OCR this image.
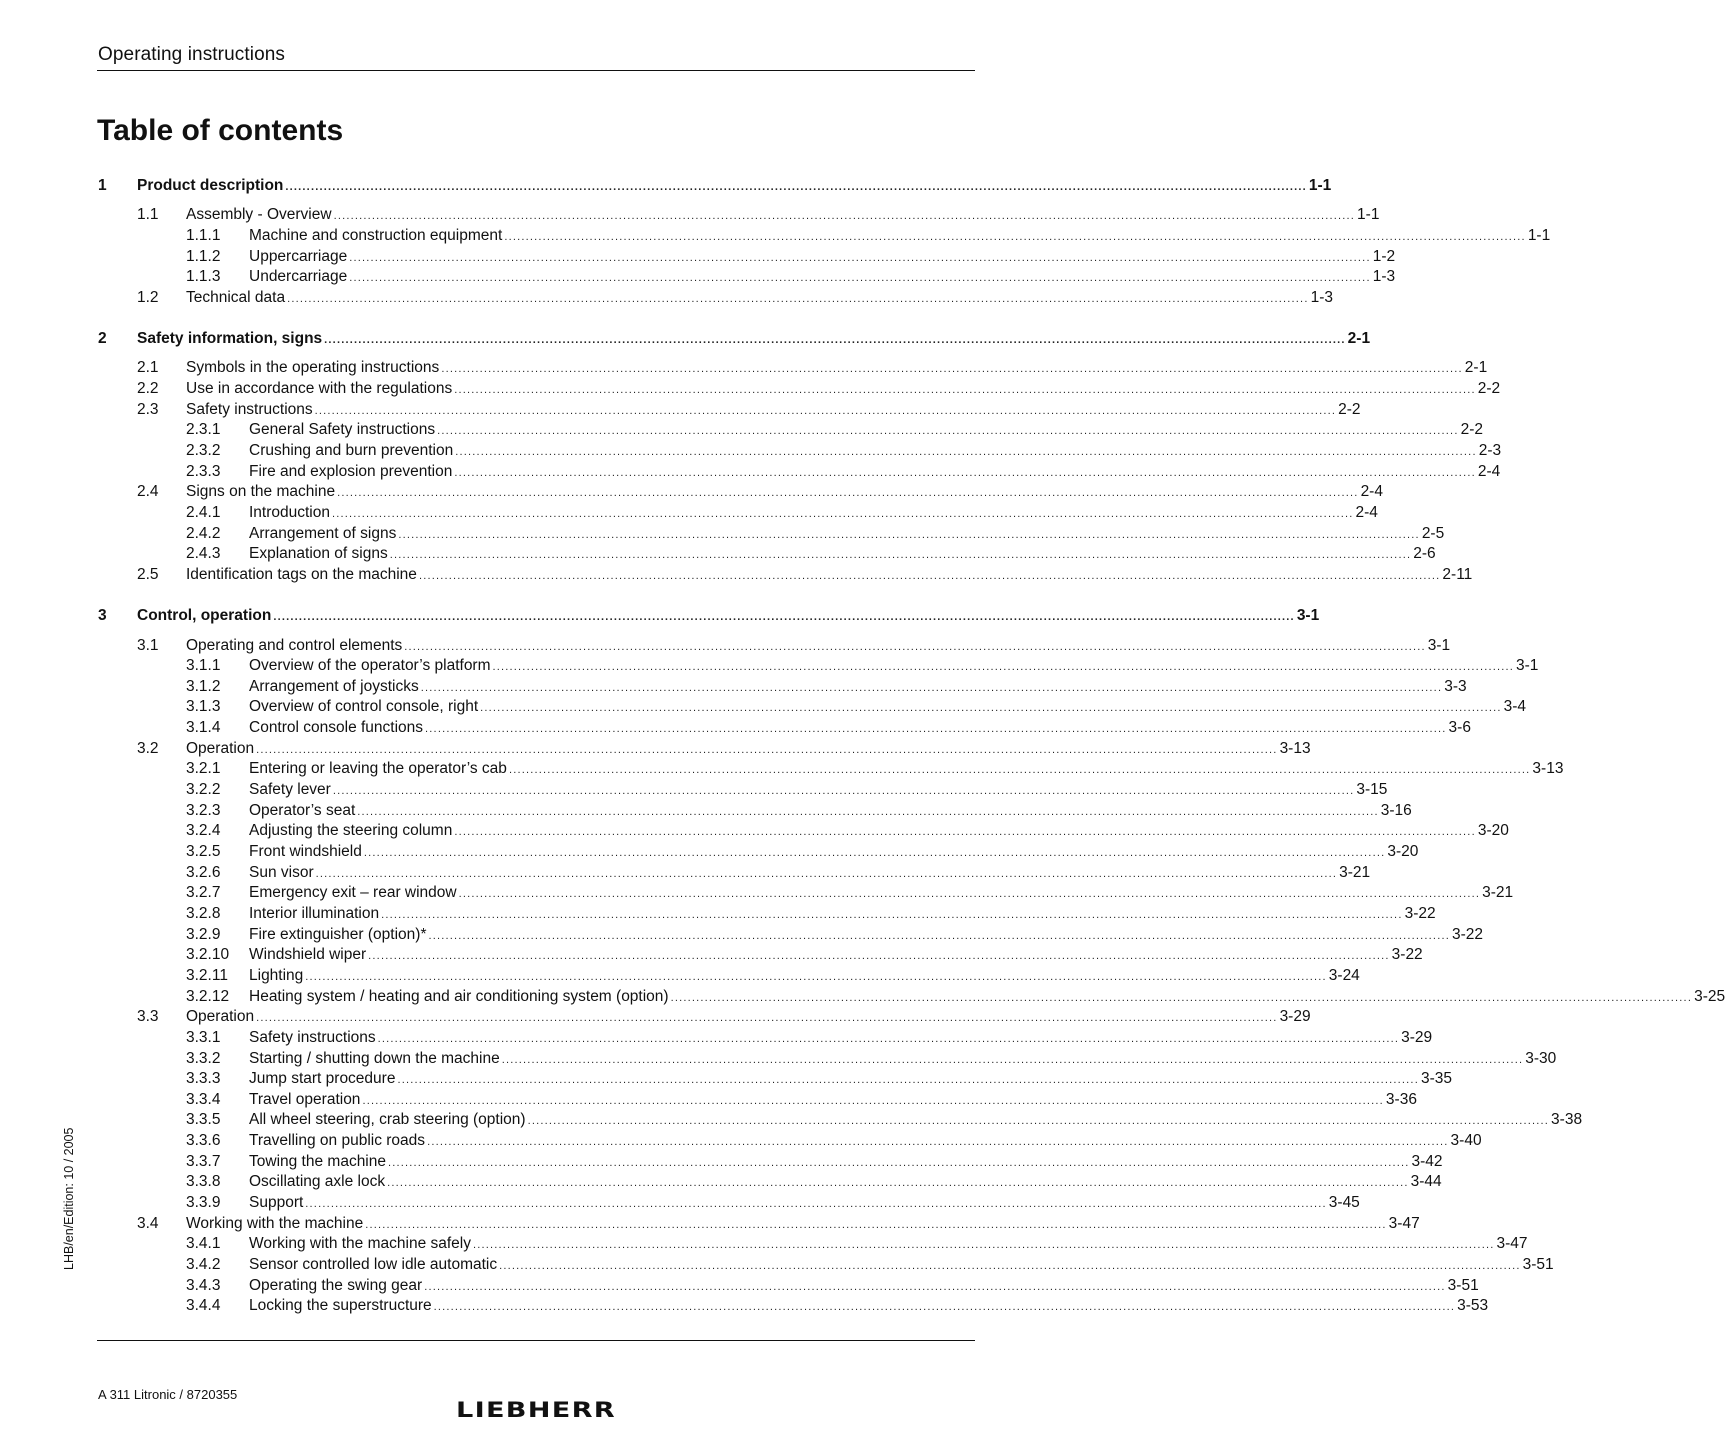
Operating instructions
Table of contents
1 Product description ................................................................................................................................................................................................................................................ 1-1
1.1 Assembly - Overview ................................................................................................................................................................................................................................................ 1-1
1.1.1 Machine and construction equipment ................................................................................................................................................................................................................................................ 1-1
1.1.2 Uppercarriage ................................................................................................................................................................................................................................................ 1-2
1.1.3 Undercarriage ................................................................................................................................................................................................................................................ 1-3
1.2 Technical data ................................................................................................................................................................................................................................................ 1-3
2 Safety information, signs ................................................................................................................................................................................................................................................ 2-1
2.1 Symbols in the operating instructions ................................................................................................................................................................................................................................................ 2-1
2.2 Use in accordance with the regulations ................................................................................................................................................................................................................................................ 2-2
2.3 Safety instructions ................................................................................................................................................................................................................................................ 2-2
2.3.1 General Safety instructions ................................................................................................................................................................................................................................................ 2-2
2.3.2 Crushing and burn prevention ................................................................................................................................................................................................................................................ 2-3
2.3.3 Fire and explosion prevention ................................................................................................................................................................................................................................................ 2-4
2.4 Signs on the machine ................................................................................................................................................................................................................................................ 2-4
2.4.1 Introduction ................................................................................................................................................................................................................................................ 2-4
2.4.2 Arrangement of signs ................................................................................................................................................................................................................................................ 2-5
2.4.3 Explanation of signs ................................................................................................................................................................................................................................................ 2-6
2.5 Identification tags on the machine ................................................................................................................................................................................................................................................ 2-11
3 Control, operation ................................................................................................................................................................................................................................................ 3-1
3.1 Operating and control elements ................................................................................................................................................................................................................................................ 3-1
3.1.1 Overview of the operator’s platform ................................................................................................................................................................................................................................................ 3-1
3.1.2 Arrangement of joysticks ................................................................................................................................................................................................................................................ 3-3
3.1.3 Overview of control console, right ................................................................................................................................................................................................................................................ 3-4
3.1.4 Control console functions ................................................................................................................................................................................................................................................ 3-6
3.2 Operation ................................................................................................................................................................................................................................................ 3-13
3.2.1 Entering or leaving the operator’s cab ................................................................................................................................................................................................................................................ 3-13
3.2.2 Safety lever ................................................................................................................................................................................................................................................ 3-15
3.2.3 Operator’s seat ................................................................................................................................................................................................................................................ 3-16
3.2.4 Adjusting the steering column ................................................................................................................................................................................................................................................ 3-20
3.2.5 Front windshield ................................................................................................................................................................................................................................................ 3-20
3.2.6 Sun visor ................................................................................................................................................................................................................................................ 3-21
3.2.7 Emergency exit – rear window ................................................................................................................................................................................................................................................ 3-21
3.2.8 Interior illumination ................................................................................................................................................................................................................................................ 3-22
3.2.9 Fire extinguisher (option)* ................................................................................................................................................................................................................................................ 3-22
3.2.10 Windshield wiper ................................................................................................................................................................................................................................................ 3-22
3.2.11 Lighting ................................................................................................................................................................................................................................................ 3-24
3.2.12 Heating system / heating and air conditioning system (option) ................................................................................................................................................................................................................................................ 3-25
3.3 Operation ................................................................................................................................................................................................................................................ 3-29
3.3.1 Safety instructions ................................................................................................................................................................................................................................................ 3-29
3.3.2 Starting / shutting down the machine ................................................................................................................................................................................................................................................ 3-30
3.3.3 Jump start procedure ................................................................................................................................................................................................................................................ 3-35
3.3.4 Travel operation ................................................................................................................................................................................................................................................ 3-36
3.3.5 All wheel steering, crab steering (option) ................................................................................................................................................................................................................................................ 3-38
3.3.6 Travelling on public roads ................................................................................................................................................................................................................................................ 3-40
3.3.7 Towing the machine ................................................................................................................................................................................................................................................ 3-42
3.3.8 Oscillating axle lock ................................................................................................................................................................................................................................................ 3-44
3.3.9 Support ................................................................................................................................................................................................................................................ 3-45
3.4 Working with the machine ................................................................................................................................................................................................................................................ 3-47
3.4.1 Working with the machine safely ................................................................................................................................................................................................................................................ 3-47
3.4.2 Sensor controlled low idle automatic ................................................................................................................................................................................................................................................ 3-51
3.4.3 Operating the swing gear ................................................................................................................................................................................................................................................ 3-51
3.4.4 Locking the superstructure ................................................................................................................................................................................................................................................ 3-53
LHB/en/Edition: 10 / 2005
A 311 Litronic / 8720355
LIEBHERR
